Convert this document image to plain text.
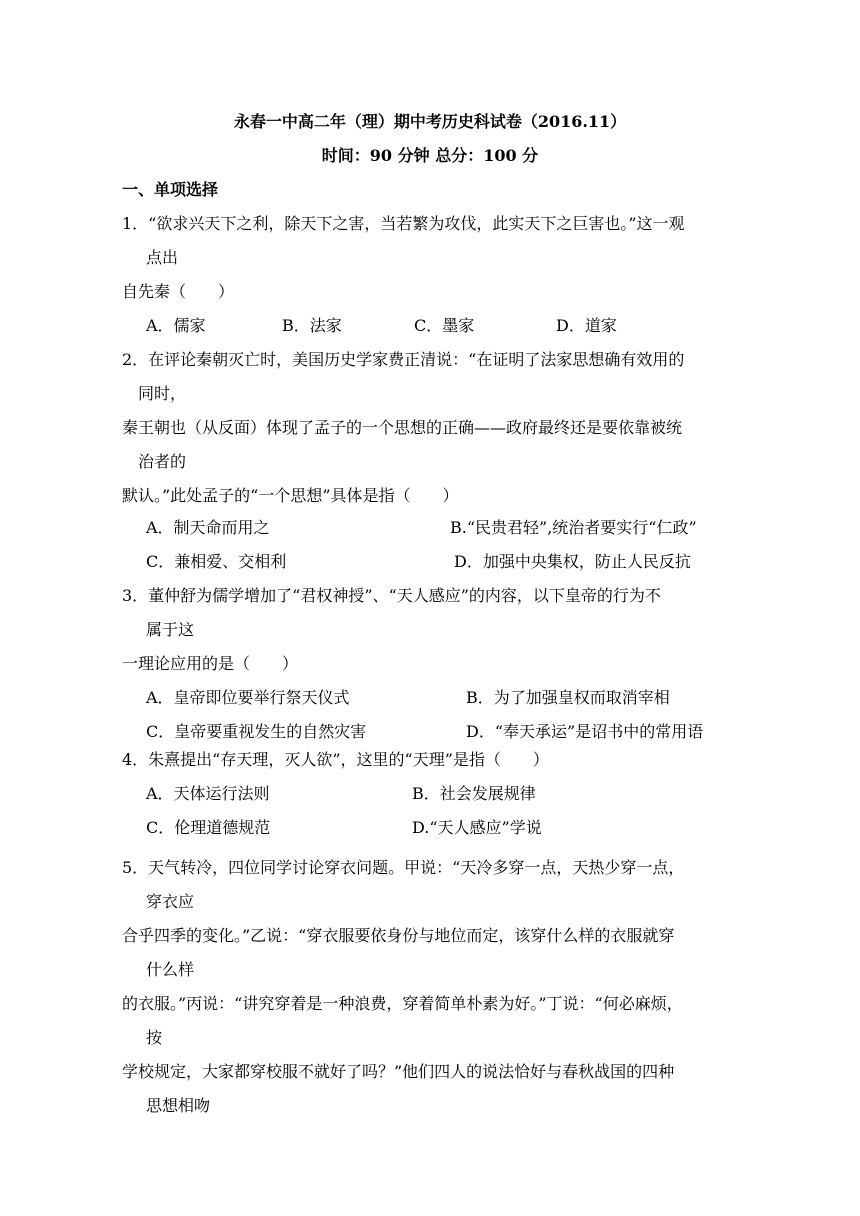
永春一中高二年（理）期中考历史科试卷（2016.11）
时间：90 分钟 总分：100 分
一、单项选择
1．“欲求兴天下之利，除天下之害，当若繁为攻伐，此实天下之巨害也。”这一观
点出
自先秦（　　）
A．儒家	B．法家	C．墨家	D．道家
2．在评论秦朝灭亡时，美国历史学家费正清说：“在证明了法家思想确有效用的
同时，
秦王朝也（从反面）体现了孟子的一个思想的正确——政府最终还是要依靠被统
治者的
默认。”此处孟子的“一个思想”具体是指（　　）
A．制天命而用之	B.“民贵君轻”,统治者要实行“仁政”
C．兼相爱、交相利	D．加强中央集权，防止人民反抗
3．董仲舒为儒学增加了“君权神授”、“天人感应”的内容，以下皇帝的行为不
属于这
一理论应用的是（　　）
A．皇帝即位要举行祭天仪式	B．为了加强皇权而取消宰相
C．皇帝要重视发生的自然灾害	D．“奉天承运”是诏书中的常用语
4．朱熹提出“存天理，灭人欲”，这里的“天理”是指（　　）
A．天体运行法则	B．社会发展规律
C．伦理道德规范	D.“天人感应”学说
5．天气转冷，四位同学讨论穿衣问题。甲说：“天冷多穿一点，天热少穿一点，
穿衣应
合乎四季的变化。”乙说：“穿衣服要依身份与地位而定，该穿什么样的衣服就穿
什么样
的衣服。”丙说：“讲究穿着是一种浪费，穿着简单朴素为好。”丁说：“何必麻烦，
按
学校规定，大家都穿校服不就好了吗？”他们四人的说法恰好与春秋战国的四种
思想相吻
